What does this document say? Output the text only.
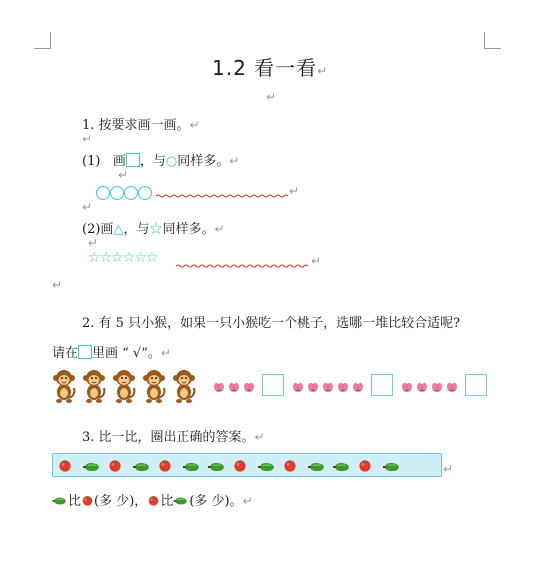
1.2 看一看↵
↵
1. 按要求画一画。↵
↵
(1) 画 ，与○同样多。↵
↵
↵
↵
(2)画△，与☆同样多。↵
↵
☆☆☆☆☆☆	↵
↵
2. 有 5 只小猴，如果一只小猴吃一个桃子，选哪一堆比较合适呢?
请在 里画 “ √”。↵
3. 比一比，圈出正确的答案。↵
↵
比 (多 少)， 比 (多 少)。↵
